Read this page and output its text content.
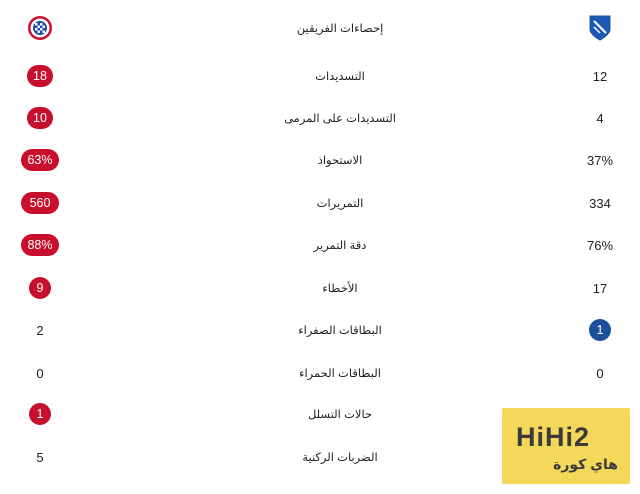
إحصاءات الفريقين
18	التسديدات	12
10	التسديدات على المرمى	4
63%	الاستحواذ	37%
560	التمريرات	334
88%	دقة التمرير	76%
9	الأخطاء	17
2	البطاقات الصفراء	1
0	البطاقات الحمراء	0
1	حالات التسلل
5	الضربات الركنية
HiHi2
هاي كورة
